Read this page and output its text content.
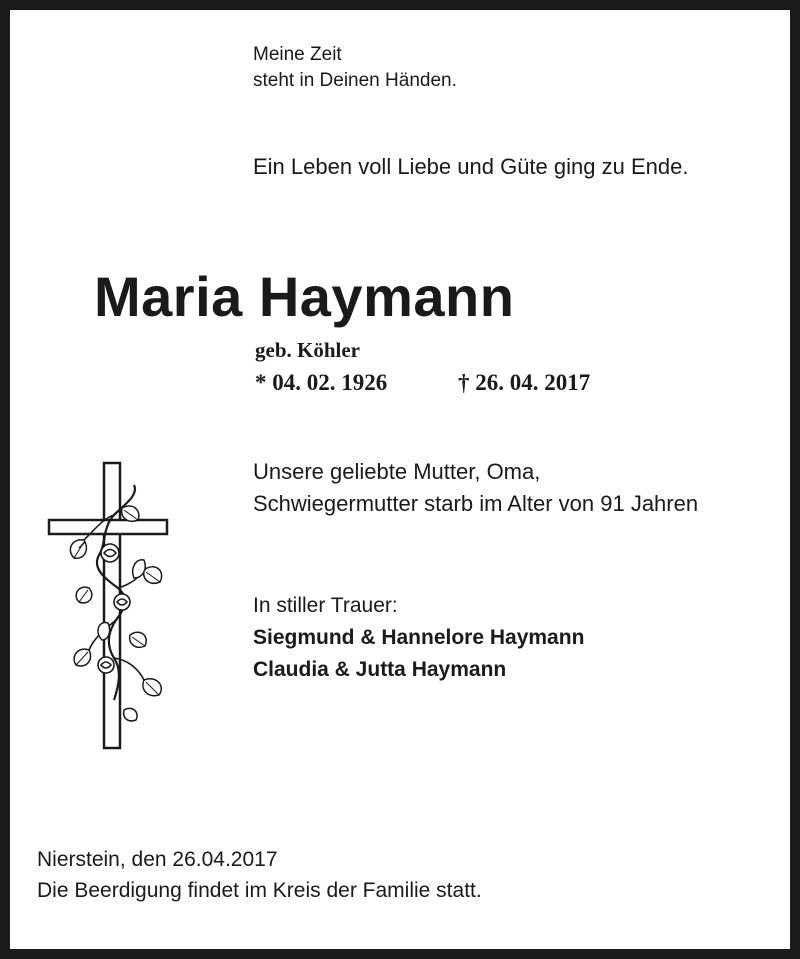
Meine Zeit
steht in Deinen Händen.
Ein Leben voll Liebe und Güte ging zu Ende.
Maria Haymann
geb. Köhler
* 04. 02. 1926	† 26. 04. 2017
Unsere geliebte Mutter, Oma,
Schwiegermutter starb im Alter von 91 Jahren
In stiller Trauer:
Siegmund & Hannelore Haymann
Claudia & Jutta Haymann
Nierstein, den 26.04.2017
Die Beerdigung findet im Kreis der Familie statt.
